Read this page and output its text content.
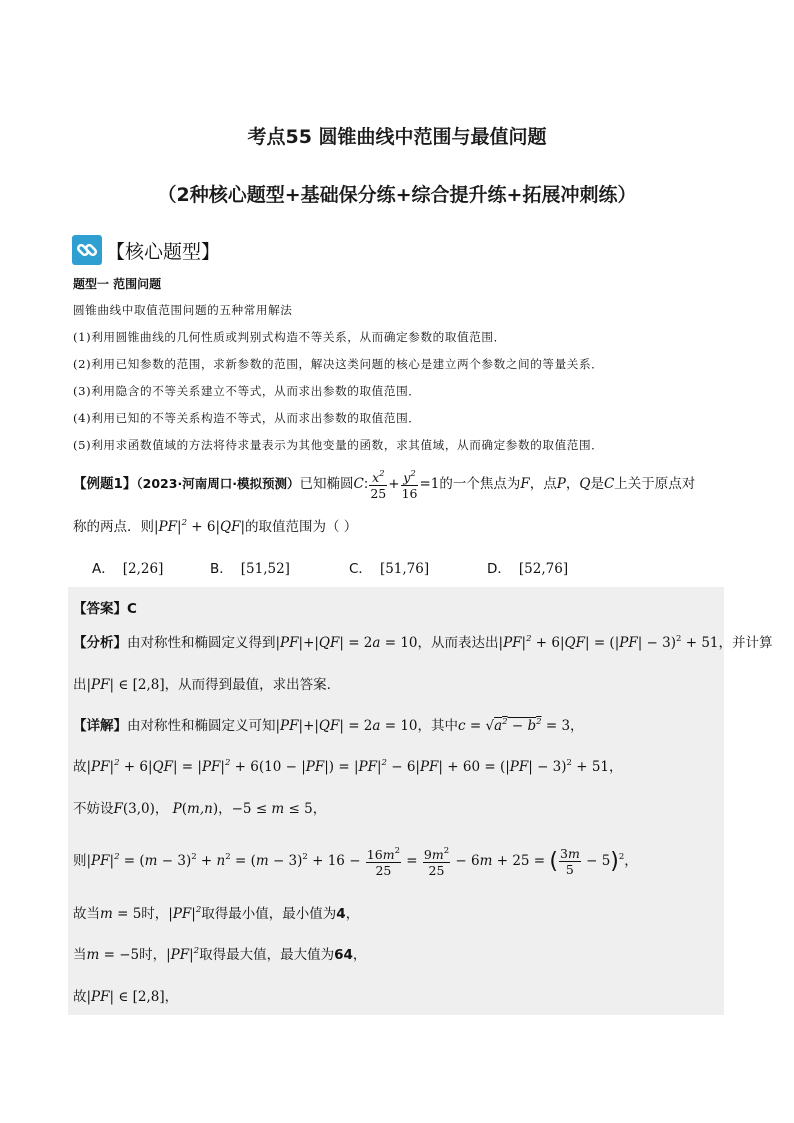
考点55 圆锥曲线中范围与最值问题
（2种核心题型+基础保分练+综合提升练+拓展冲刺练）
【核心题型】
题型一 范围问题
圆锥曲线中取值范围问题的五种常用解法
(1)利用圆锥曲线的几何性质或判别式构造不等关系，从而确定参数的取值范围．
(2)利用已知参数的范围，求新参数的范围，解决这类问题的核心是建立两个参数之间的等量关系．
(3)利用隐含的不等关系建立不等式，从而求出参数的取值范围．
(4)利用已知的不等关系构造不等式，从而求出参数的取值范围．
(5)利用求函数值域的方法将待求量表示为其他变量的函数，求其值域，从而确定参数的取值范围．
【例题1】（2023·河南周口·模拟预测）已知椭圆C: $\frac{x^2}{25} + \frac{y^2}{16} =1$的一个焦点为F，点P，Q是C上关于原点对
称的两点．则$|PF|^2 + 6|QF|$的取值范围为（ ）
A． [2,26]	B． [51,52]	C． [51,76]	D． [52,76]
【答案】C
【分析】由对称性和椭圆定义得到|PF|+|QF| = 2a = 10，从而表达出$|PF|^2 + 6|QF| = (|PF| - 3)^2 + 51$，并计算
出|PF| ∈ [2,8]，从而得到最值，求出答案.
【详解】由对称性和椭圆定义可知|PF|+|QF| = 2a = 10，其中$c = √a^2 - b^2 = 3$，
故$|PF|^2 + 6|QF| = |PF|^2 + 6(10 - |PF|) = |PF|^2 - 6|PF| + 60 = (|PF| - 3)^2 + 51$，
不妨设F(3,0)， P(m,n)，−5 ≤ m ≤ 5，
则$|PF|^2 = (m - 3)^2 + n^2 = (m - 3)^2 + 16 - \frac{16m^2}{25} = \frac{9m^2}{25} - 6m + 25$ = ( $\frac{3m}{5} - 5)^2$，
故当m = 5时，$|PF|^2$取得最小值，最小值为4，
当m = −5时，$|PF|^2$取得最大值，最大值为64，
故|PF| ∈ [2,8]，
